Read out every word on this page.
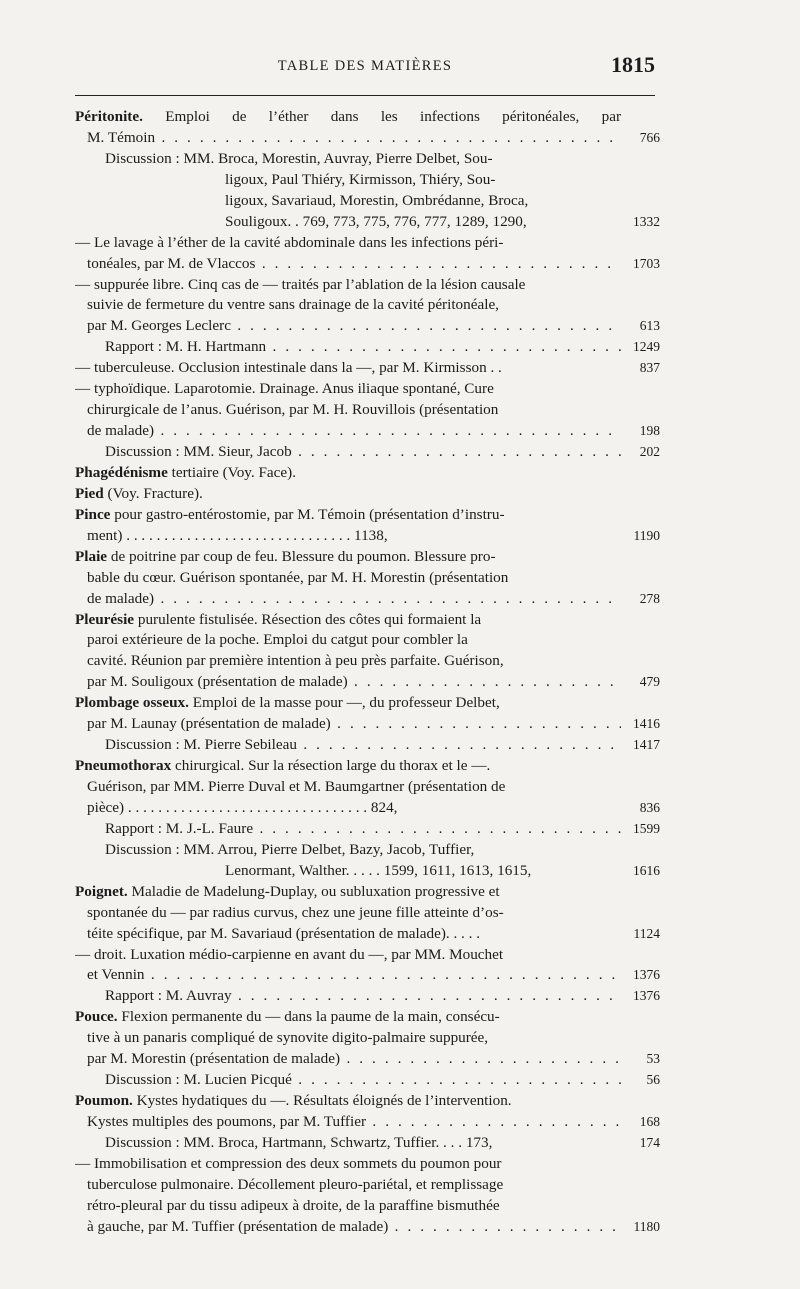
TABLE DES MATIÈRES	1815
Péritonite. Emploi de l’éther dans les infections péritonéales, par
M. Témoin . . .	766
Discussion : MM. Broca, Morestin, Auvray, Pierre Delbet, Sou-
ligoux, Paul Thiéry, Kirmisson, Thiéry, Sou-
ligoux, Savariaud, Morestin, Ombrédanne, Broca,
Souligoux. . 769, 773, 775, 776, 777, 1289, 1290,	1332
— Le lavage à l’éther de la cavité abdominale dans les infections péri-
tonéales, par M. de Vlaccos . . .	1703
— suppurée libre. Cinq cas de — traités par l’ablation de la lésion causale
suivie de fermeture du ventre sans drainage de la cavité péritonéale,
par M. Georges Leclerc . . .	613
Rapport : M. H. Hartmann . . .	1249
— tuberculeuse. Occlusion intestinale dans la —, par M. Kirmisson . .	837
— typhoïdique. Laparotomie. Drainage. Anus iliaque spontané, Cure
chirurgicale de l’anus. Guérison, par M. H. Rouvillois (présentation
de malade) . . .	198
Discussion : MM. Sieur, Jacob . . .	202
Phagédénisme tertiaire (Voy. Face).
Pied (Voy. Fracture).
Pince pour gastro-entérostomie, par M. Témoin (présentation d’instru-
ment) . . . . . . . . . . . . . . . . . . . . . . . . . . . . . . 1138,	1190
Plaie de poitrine par coup de feu. Blessure du poumon. Blessure pro-
bable du cœur. Guérison spontanée, par M. H. Morestin (présentation
de malade) . . .	278
Pleurésie purulente fistulisée. Résection des côtes qui formaient la
paroi extérieure de la poche. Emploi du catgut pour combler la
cavité. Réunion par première intention à peu près parfaite. Guérison,
par M. Souligoux (présentation de malade) . . .	479
Plombage osseux. Emploi de la masse pour —, du professeur Delbet,
par M. Launay (présentation de malade) . . .	1416
Discussion : M. Pierre Sebileau . . .	1417
Pneumothorax chirurgical. Sur la résection large du thorax et le —.
Guérison, par MM. Pierre Duval et M. Baumgartner (présentation de
pièce) . . . . . . . . . . . . . . . . . . . . . . . . . . . . . . . . 824,	836
Rapport : M. J.-L. Faure . . .	1599
Discussion : MM. Arrou, Pierre Delbet, Bazy, Jacob, Tuffier,
Lenormant, Walther. . . . . 1599, 1611, 1613, 1615,	1616
Poignet. Maladie de Madelung-Duplay, ou subluxation progressive et
spontanée du — par radius curvus, chez une jeune fille atteinte d’os-
téite spécifique, par M. Savariaud (présentation de malade). . . . .	1124
— droit. Luxation médio-carpienne en avant du —, par MM. Mouchet
et Vennin . . .	1376
Rapport : M. Auvray . . .	1376
Pouce. Flexion permanente du — dans la paume de la main, consécu-
tive à un panaris compliqué de synovite digito-palmaire suppurée,
par M. Morestin (présentation de malade) . . .	53
Discussion : M. Lucien Picqué . . .	56
Poumon. Kystes hydatiques du —. Résultats éloignés de l’intervention.
Kystes multiples des poumons, par M. Tuffier . . .	168
Discussion : MM. Broca, Hartmann, Schwartz, Tuffier. . . . 173,	174
— Immobilisation et compression des deux sommets du poumon pour
tuberculose pulmonaire. Décollement pleuro-pariétal, et remplissage
rétro-pleural par du tissu adipeux à droite, de la paraffine bismuthée
à gauche, par M. Tuffier (présentation de malade) . . .	1180
